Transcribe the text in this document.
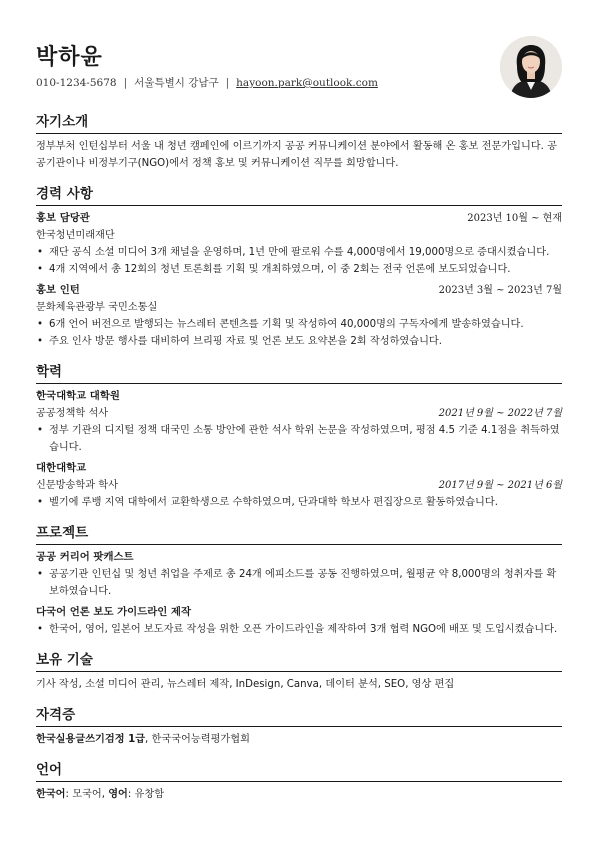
박하윤
010-1234-5678 | 서울특별시 강남구 | hayoon.park@outlook.com
자기소개
정부부처 인턴십부터 서울 내 청년 캠페인에 이르기까지 공공 커뮤니케이션 분야에서 활동해 온 홍보 전문가입니다. 공공기관이나 비정부기구(NGO)에서 정책 홍보 및 커뮤니케이션 직무를 희망합니다.
경력 사항
홍보 담당관	2023년 10월 ~ 현재
한국청년미래재단
• 재단 공식 소셜 미디어 3개 채널을 운영하며, 1년 만에 팔로워 수를 4,000명에서 19,000명으로 증대시켰습니다.
• 4개 지역에서 총 12회의 청년 토론회를 기획 및 개최하였으며, 이 중 2회는 전국 언론에 보도되었습니다.
홍보 인턴	2023년 3월 ~ 2023년 7월
문화체육관광부 국민소통실
• 6개 언어 버전으로 발행되는 뉴스레터 콘텐츠를 기획 및 작성하여 40,000명의 구독자에게 발송하였습니다.
• 주요 인사 방문 행사를 대비하여 브리핑 자료 및 언론 보도 요약본을 2회 작성하였습니다.
학력
한국대학교 대학원
공공정책학 석사	2021년 9월 ~ 2022년 7월
• 정부 기관의 디지털 정책 대국민 소통 방안에 관한 석사 학위 논문을 작성하였으며, 평점 4.5 기준 4.1점을 취득하였습니다.
대한대학교
신문방송학과 학사	2017년 9월 ~ 2021년 6월
• 벨기에 루뱅 지역 대학에서 교환학생으로 수학하였으며, 단과대학 학보사 편집장으로 활동하였습니다.
프로젝트
공공 커리어 팟캐스트
• 공공기관 인턴십 및 청년 취업을 주제로 총 24개 에피소드를 공동 진행하였으며, 월평균 약 8,000명의 청취자를 확보하였습니다.
다국어 언론 보도 가이드라인 제작
• 한국어, 영어, 일본어 보도자료 작성을 위한 오픈 가이드라인을 제작하여 3개 협력 NGO에 배포 및 도입시켰습니다.
보유 기술
기사 작성, 소셜 미디어 관리, 뉴스레터 제작, InDesign, Canva, 데이터 분석, SEO, 영상 편집
자격증
한국실용글쓰기검정 1급, 한국국어능력평가협회
언어
한국어: 모국어, 영어: 유창함
